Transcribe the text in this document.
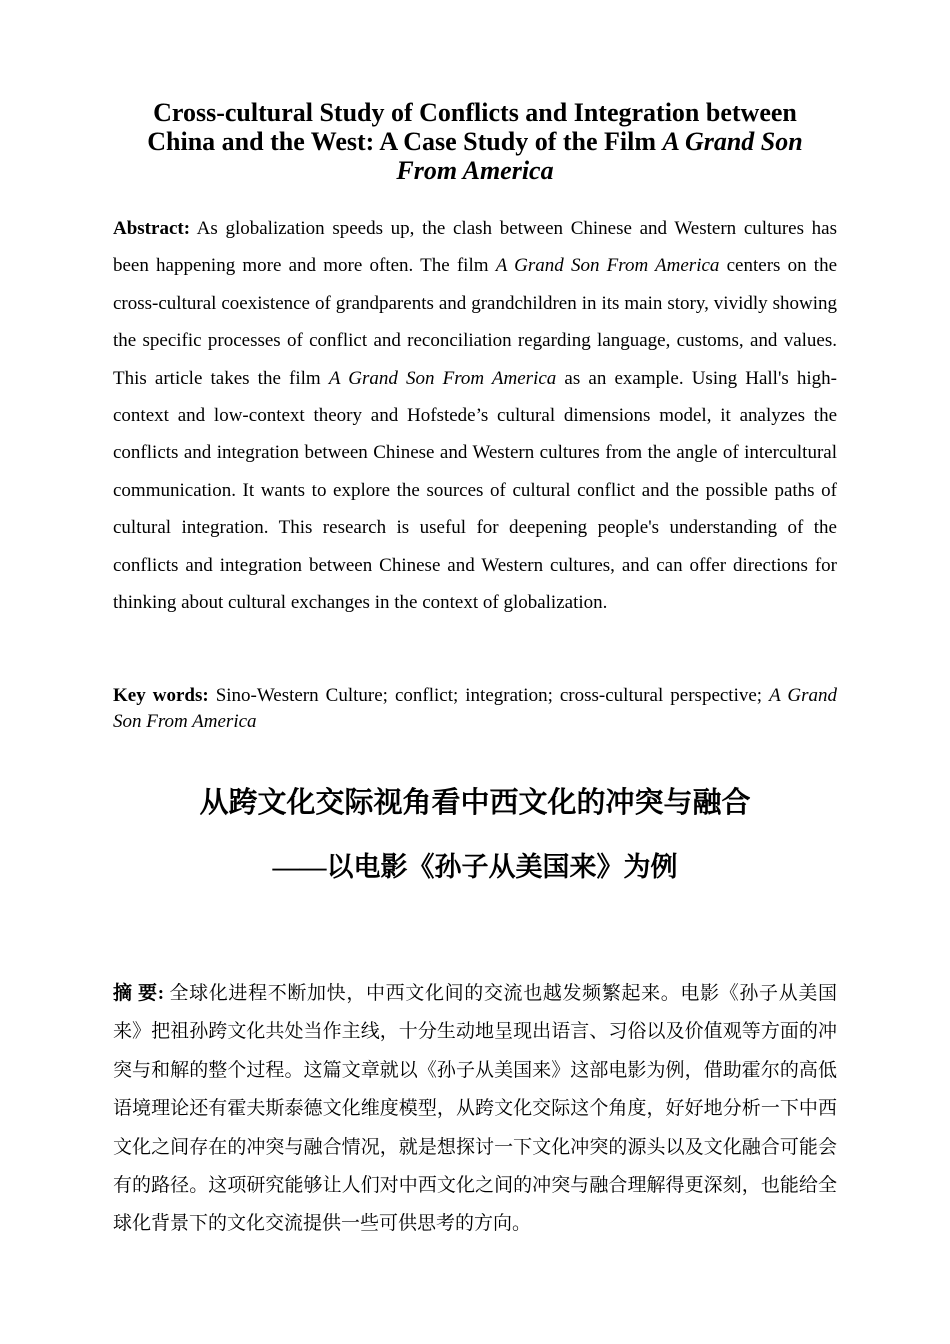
Cross-cultural Study of Conflicts and Integration between
China and the West: A Case Study of the Film A Grand Son
From America

Abstract: As globalization speeds up, the clash between Chinese and Western cultures has been happening more and more often. The film A Grand Son From America centers on the cross-cultural coexistence of grandparents and grandchildren in its main story, vividly showing the specific processes of conflict and reconciliation regarding language, customs, and values. This article takes the film A Grand Son From America as an example. Using Hall's high-context and low-context theory and Hofstede’s cultural dimensions model, it analyzes the conflicts and integration between Chinese and Western cultures from the angle of intercultural communication. It wants to explore the sources of cultural conflict and the possible paths of cultural integration. This research is useful for deepening people's understanding of the conflicts and integration between Chinese and Western cultures, and can offer directions for thinking about cultural exchanges in the context of globalization.

Key words: Sino-Western Culture; conflict; integration; cross-cultural perspective; A Grand Son From America

从跨文化交际视角看中西文化的冲突与融合
——以电影《孙子从美国来》为例

摘 要: 全球化进程不断加快，中西文化间的交流也越发频繁起来。电影《孙子从美国来》把祖孙跨文化共处当作主线，十分生动地呈现出语言、习俗以及价值观等方面的冲突与和解的整个过程。这篇文章就以《孙子从美国来》这部电影为例，借助霍尔的高低语境理论还有霍夫斯泰德文化维度模型，从跨文化交际这个角度，好好地分析一下中西文化之间存在的冲突与融合情况，就是想探讨一下文化冲突的源头以及文化融合可能会有的路径。这项研究能够让人们对中西文化之间的冲突与融合理解得更深刻，也能给全球化背景下的文化交流提供一些可供思考的方向。
